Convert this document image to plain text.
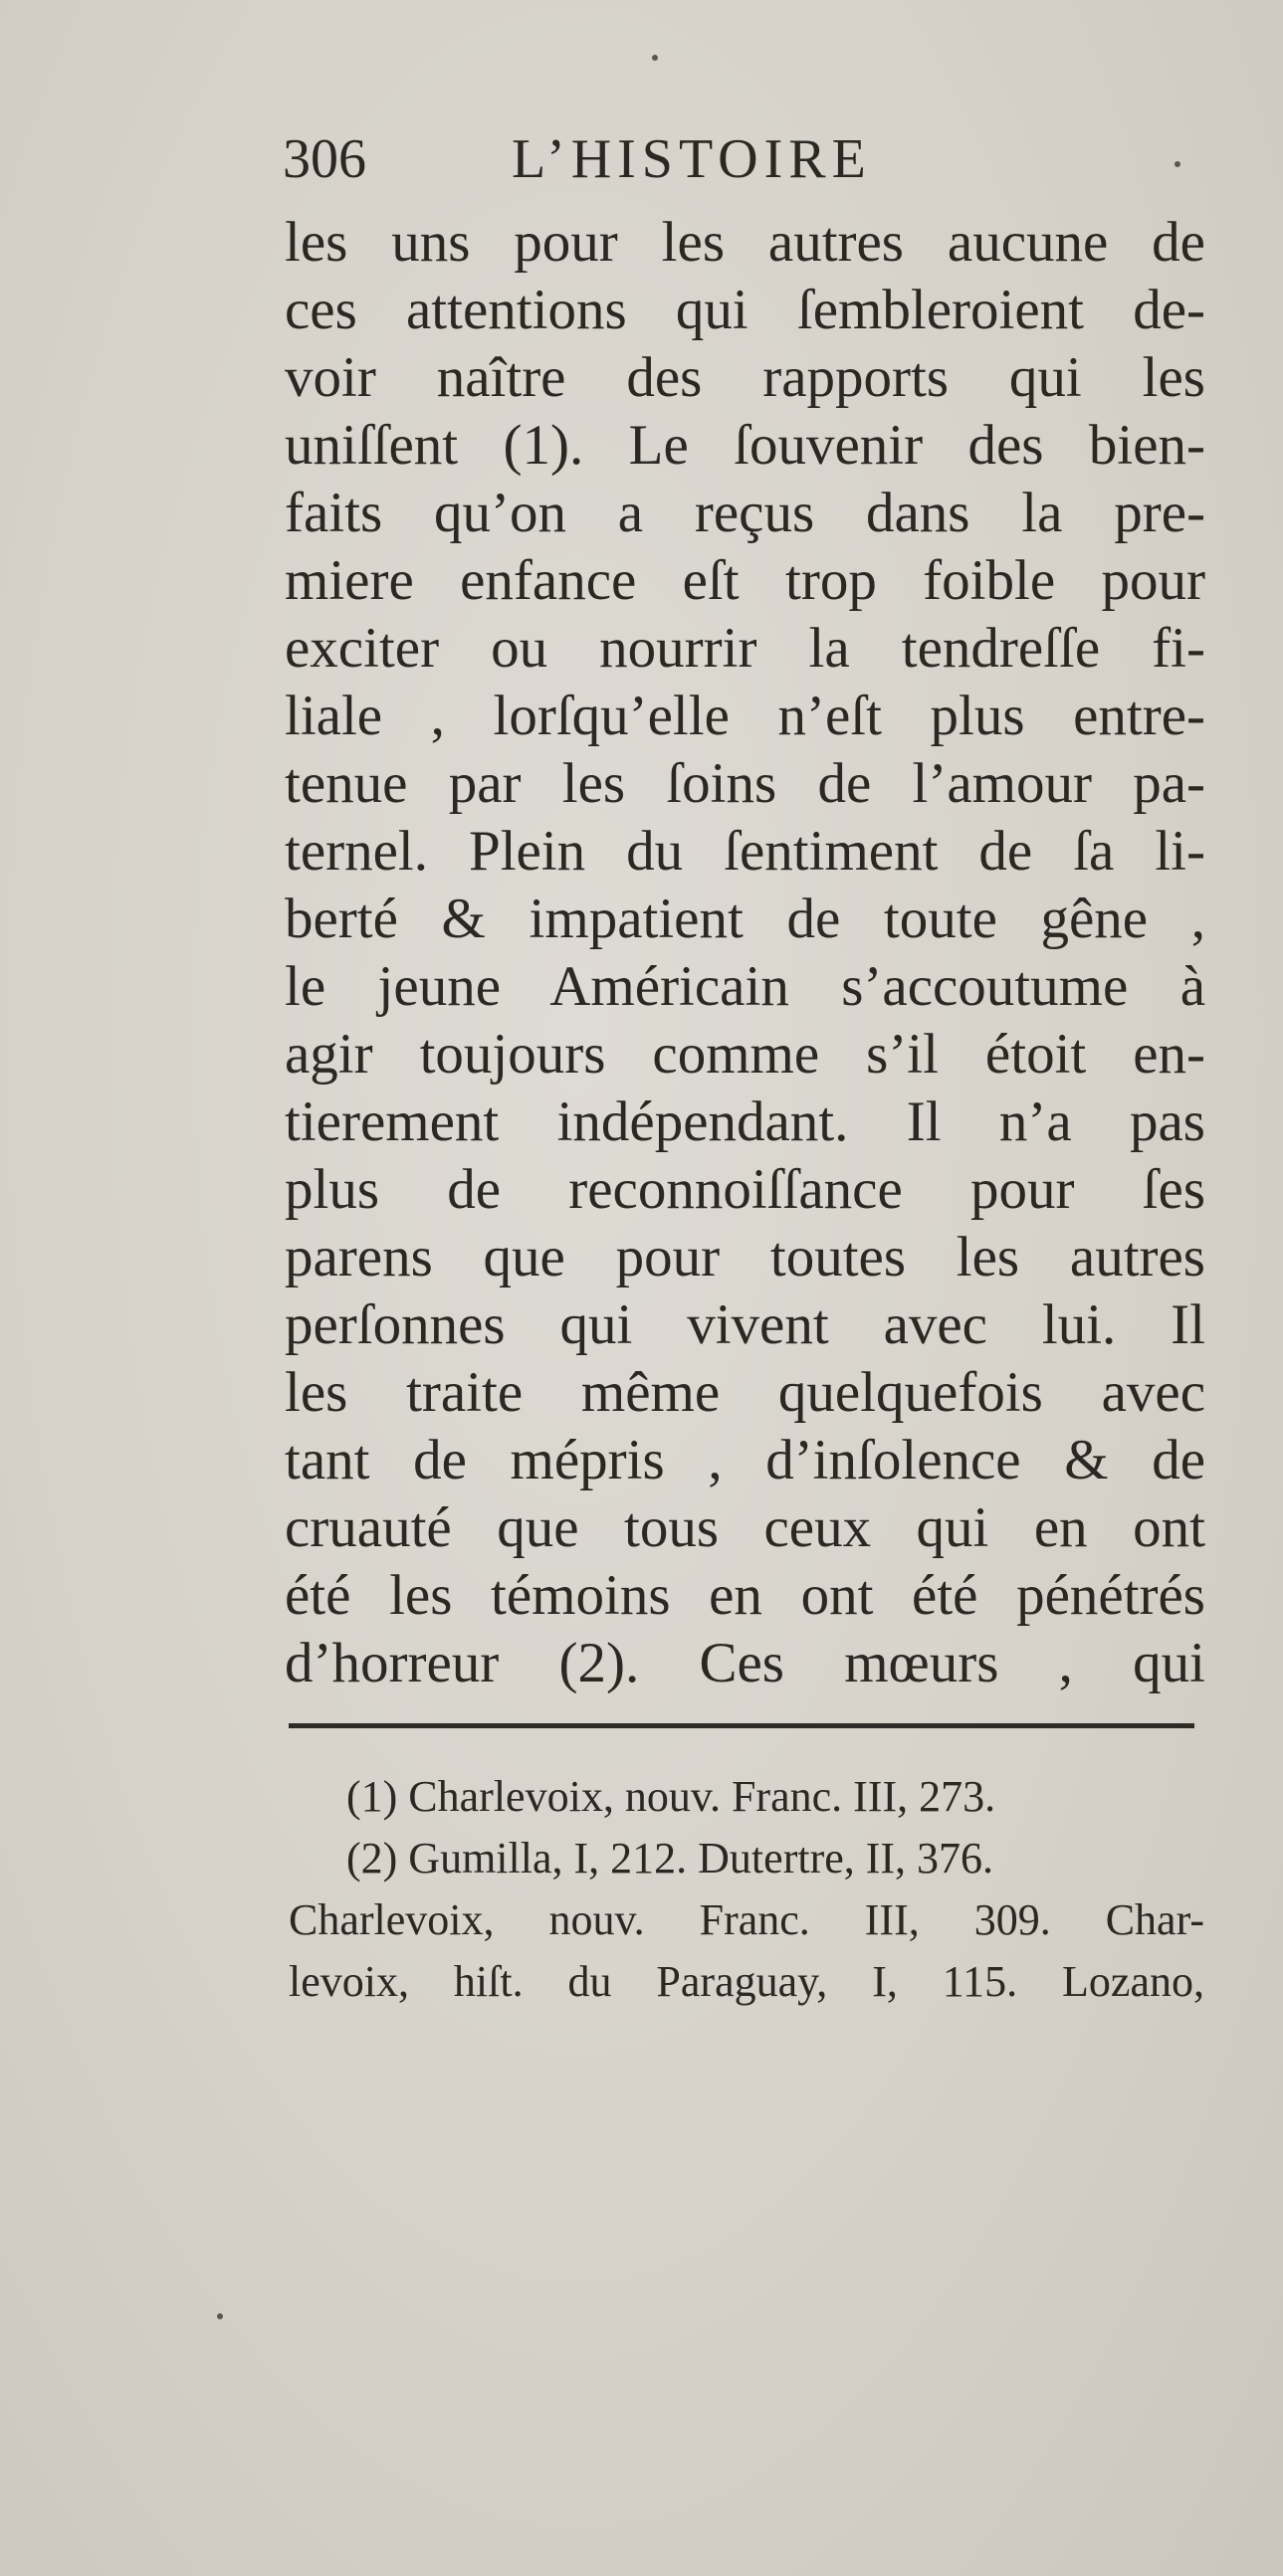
306	L’HISTOIRE
les uns pour les autres aucune de
ces attentions qui ſembleroient de-
voir naître des rapports qui les
uniſſent (1). Le ſouvenir des bien-
faits qu’on a reçus dans la pre-
miere enfance eſt trop foible pour
exciter ou nourrir la tendreſſe fi-
liale , lorſqu’elle n’eſt plus entre-
tenue par les ſoins de l’amour pa-
ternel. Plein du ſentiment de ſa li-
berté & impatient de toute gêne ,
le jeune Américain s’accoutume à
agir toujours comme s’il étoit en-
tierement indépendant. Il n’a pas
plus de reconnoiſſance pour ſes
parens que pour toutes les autres
perſonnes qui vivent avec lui. Il
les traite même quelquefois avec
tant de mépris , d’inſolence & de
cruauté que tous ceux qui en ont
été les témoins en ont été pénétrés
d’horreur (2). Ces mœurs , qui
(1) Charlevoix, nouv. Franc. III, 273.
(2) Gumilla, I, 212. Dutertre, II, 376.
Charlevoix, nouv. Franc. III, 309. Char-
levoix, hiſt. du Paraguay, I, 115. Lozano,
